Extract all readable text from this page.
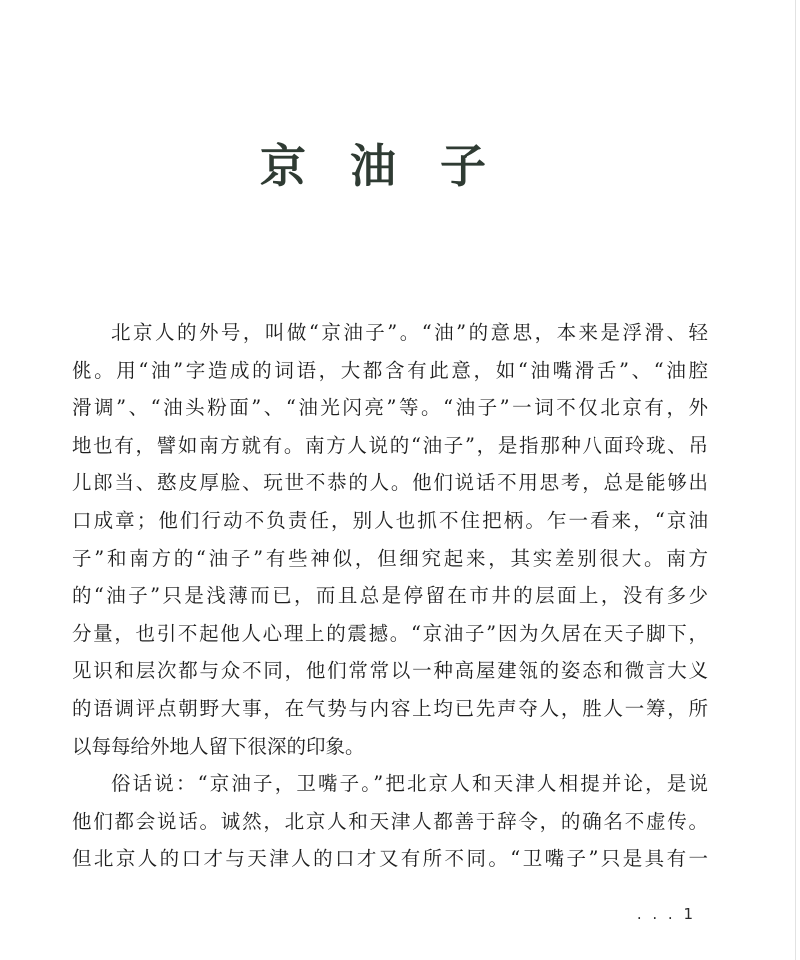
京 油 子
北京人的外号，叫做“京油子”。“油”的意思，本来是浮滑、轻
佻。用“油”字造成的词语，大都含有此意，如“油嘴滑舌”、“油腔
滑调”、“油头粉面”、“油光闪亮”等。“油子”一词不仅北京有，外
地也有，譬如南方就有。南方人说的“油子”，是指那种八面玲珑、吊
儿郎当、憨皮厚脸、玩世不恭的人。他们说话不用思考，总是能够出
口成章；他们行动不负责任，别人也抓不住把柄。乍一看来，“京油
子”和南方的“油子”有些神似，但细究起来，其实差别很大。南方
的“油子”只是浅薄而已，而且总是停留在市井的层面上，没有多少
分量，也引不起他人心理上的震撼。“京油子”因为久居在天子脚下，
见识和层次都与众不同，他们常常以一种高屋建瓴的姿态和微言大义
的语调评点朝野大事，在气势与内容上均已先声夺人，胜人一筹，所
以每每给外地人留下很深的印象。
俗话说：“京油子，卫嘴子。”把北京人和天津人相提并论，是说
他们都会说话。诚然，北京人和天津人都善于辞令，的确名不虚传。
但北京人的口才与天津人的口才又有所不同。“卫嘴子”只是具有一
. . . 1
